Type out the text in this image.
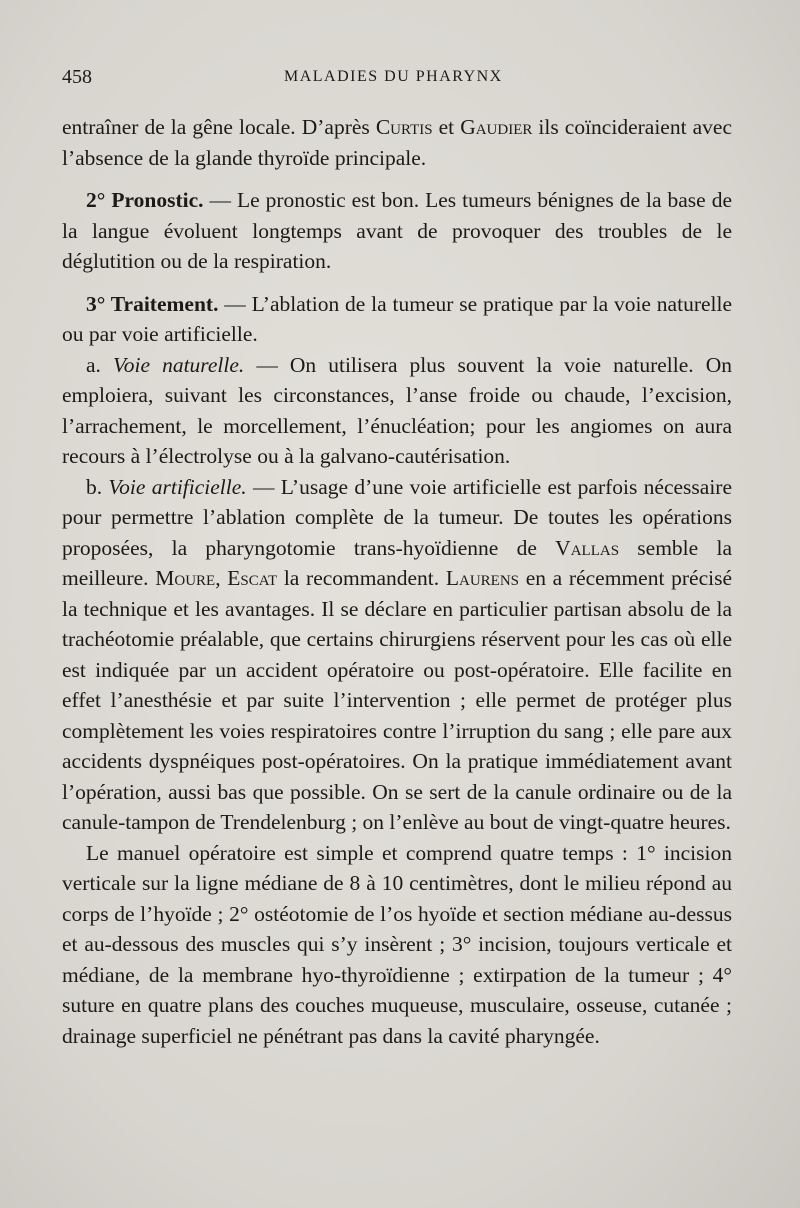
458	MALADIES DU PHARYNX

entraîner de la gêne locale. D’après Curtis et Gaudier ils coïncideraient avec l’absence de la glande thyroïde principale.

2° Pronostic. — Le pronostic est bon. Les tumeurs bénignes de la base de la langue évoluent longtemps avant de provoquer des troubles de le déglutition ou de la respiration.

3° Traitement. — L’ablation de la tumeur se pratique par la voie naturelle ou par voie artificielle.

a. Voie naturelle. — On utilisera plus souvent la voie naturelle. On emploiera, suivant les circonstances, l’anse froide ou chaude, l’excision, l’arrachement, le morcellement, l’énucléation; pour les angiomes on aura recours à l’électrolyse ou à la galvano-cautérisation.

b. Voie artificielle. — L’usage d’une voie artificielle est parfois nécessaire pour permettre l’ablation complète de la tumeur. De toutes les opérations proposées, la pharyngotomie trans-hyoïdienne de Vallas semble la meilleure. Moure, Escat la recommandent. Laurens en a récemment précisé la technique et les avantages. Il se déclare en particulier partisan absolu de la trachéotomie préalable, que certains chirurgiens réservent pour les cas où elle est indiquée par un accident opératoire ou post-opératoire. Elle facilite en effet l’anesthésie et par suite l’intervention ; elle permet de protéger plus complètement les voies respiratoires contre l’irruption du sang ; elle pare aux accidents dyspnéiques post-opératoires. On la pratique immédiatement avant l’opération, aussi bas que possible. On se sert de la canule ordinaire ou de la canule-tampon de Trendelenburg ; on l’enlève au bout de vingt-quatre heures.

Le manuel opératoire est simple et comprend quatre temps : 1° incision verticale sur la ligne médiane de 8 à 10 centimètres, dont le milieu répond au corps de l’hyoïde ; 2° ostéotomie de l’os hyoïde et section médiane au-dessus et au-dessous des muscles qui s’y insèrent ; 3° incision, toujours verticale et médiane, de la membrane hyo-thyroïdienne ; extirpation de la tumeur ; 4° suture en quatre plans des couches muqueuse, musculaire, osseuse, cutanée ; drainage superficiel ne pénétrant pas dans la cavité pharyngée.
